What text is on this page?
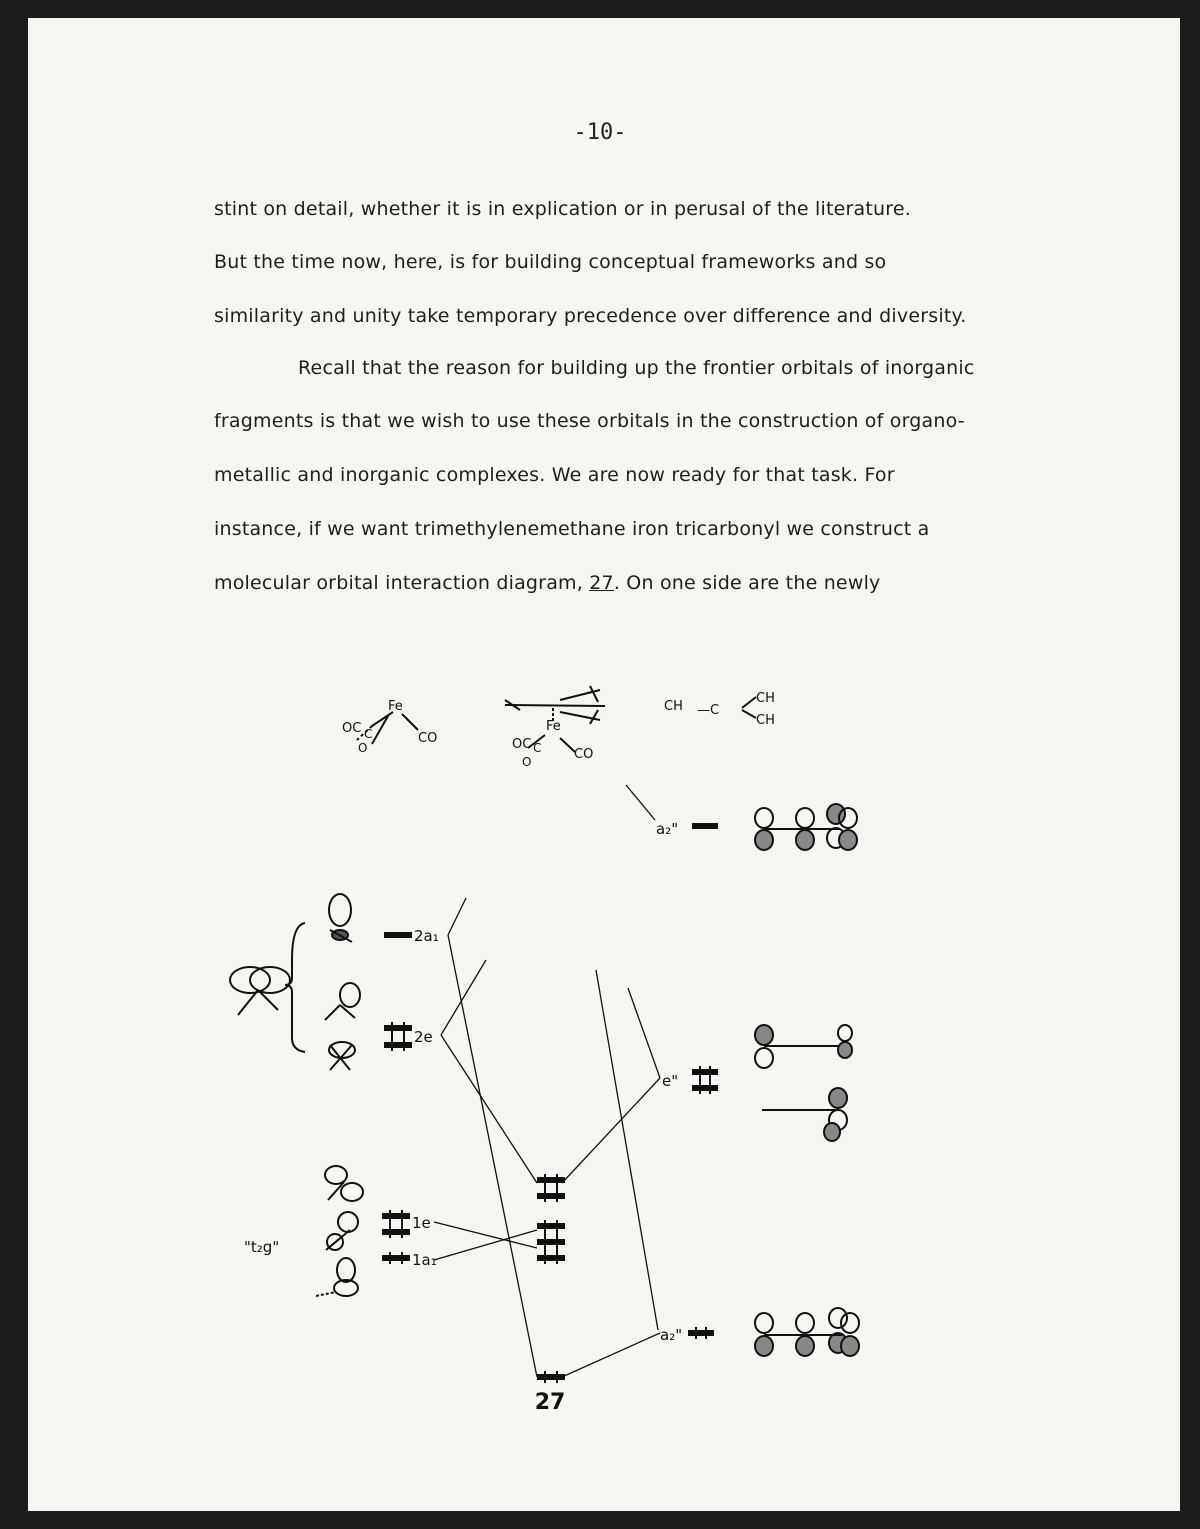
-10-
stint on detail, whether it is in explication or in perusal of the literature.
But the time now, here, is for building conceptual frameworks and so
similarity and unity take temporary precedence over difference and diversity.
Recall that the reason for building up the frontier orbitals of inorganic
fragments is that we wish to use these orbitals in the construction of organo-
metallic and inorganic complexes. We are now ready for that task. For
instance, if we want trimethylenemethane iron tricarbonyl we construct a
molecular orbital interaction diagram, 27. On one side are the newly
Fe
OC C
O
CO
Fe
OC C
O	CO
CH —C
CH
CH
2a₁
2e
1e
1a₁
"t₂g"
a₂"
e"
a₂"
27
